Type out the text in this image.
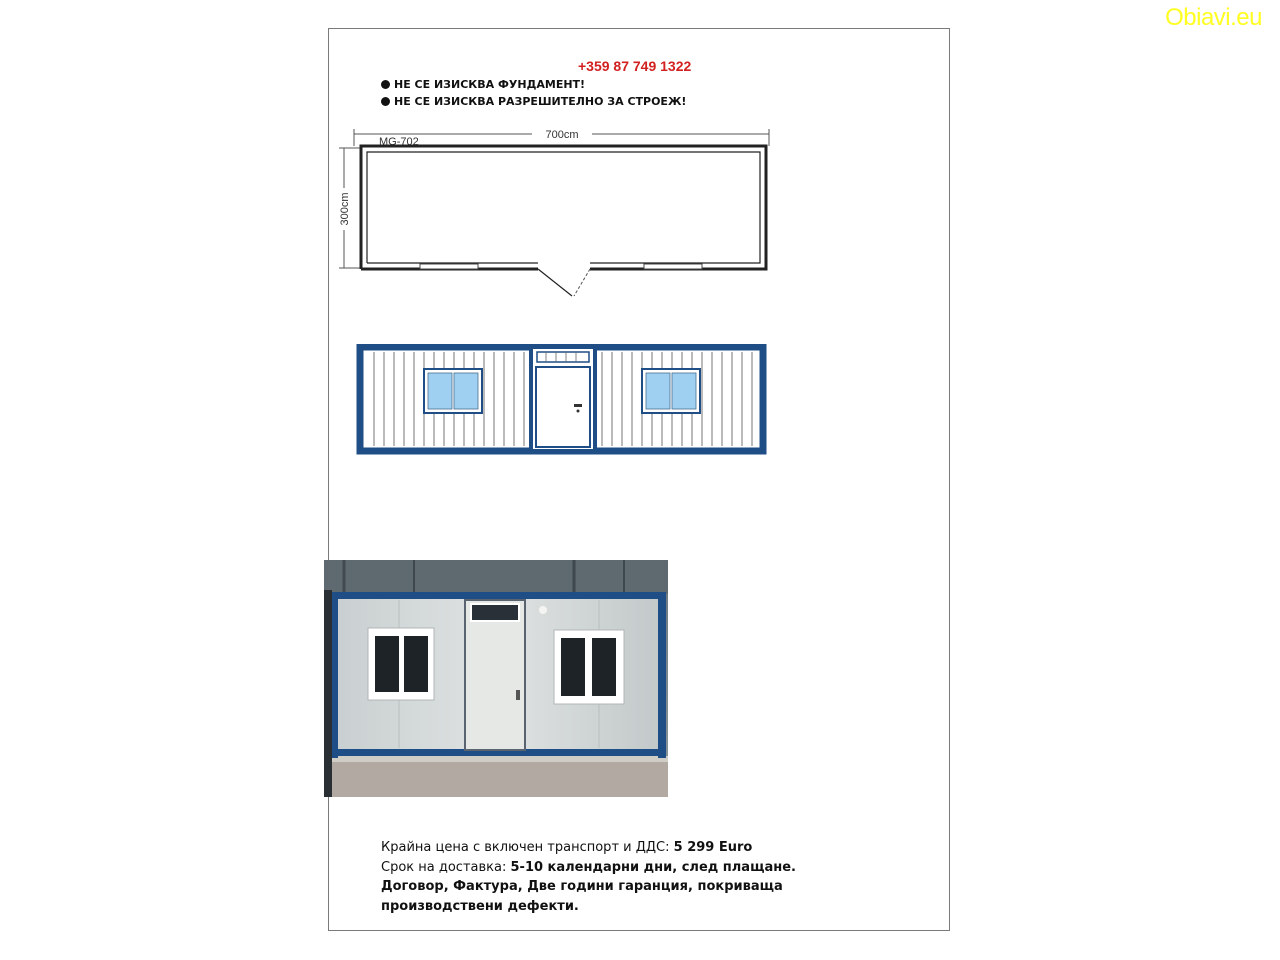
Obiavi.eu
+359 87 749 1322
НЕ СЕ ИЗИСКВА ФУНДАМЕНТ!
НЕ СЕ ИЗИСКВА РАЗРЕШИТЕЛНО ЗА СТРОЕЖ!
700cm
MG-702
300cm
Крайна цена с включен транспорт и ДДС: 5 299 Euro
Срок на доставка: 5-10 календарни дни, след плащане.
Договор, Фактура, Две години гаранция, покриваща производствени дефекти.
